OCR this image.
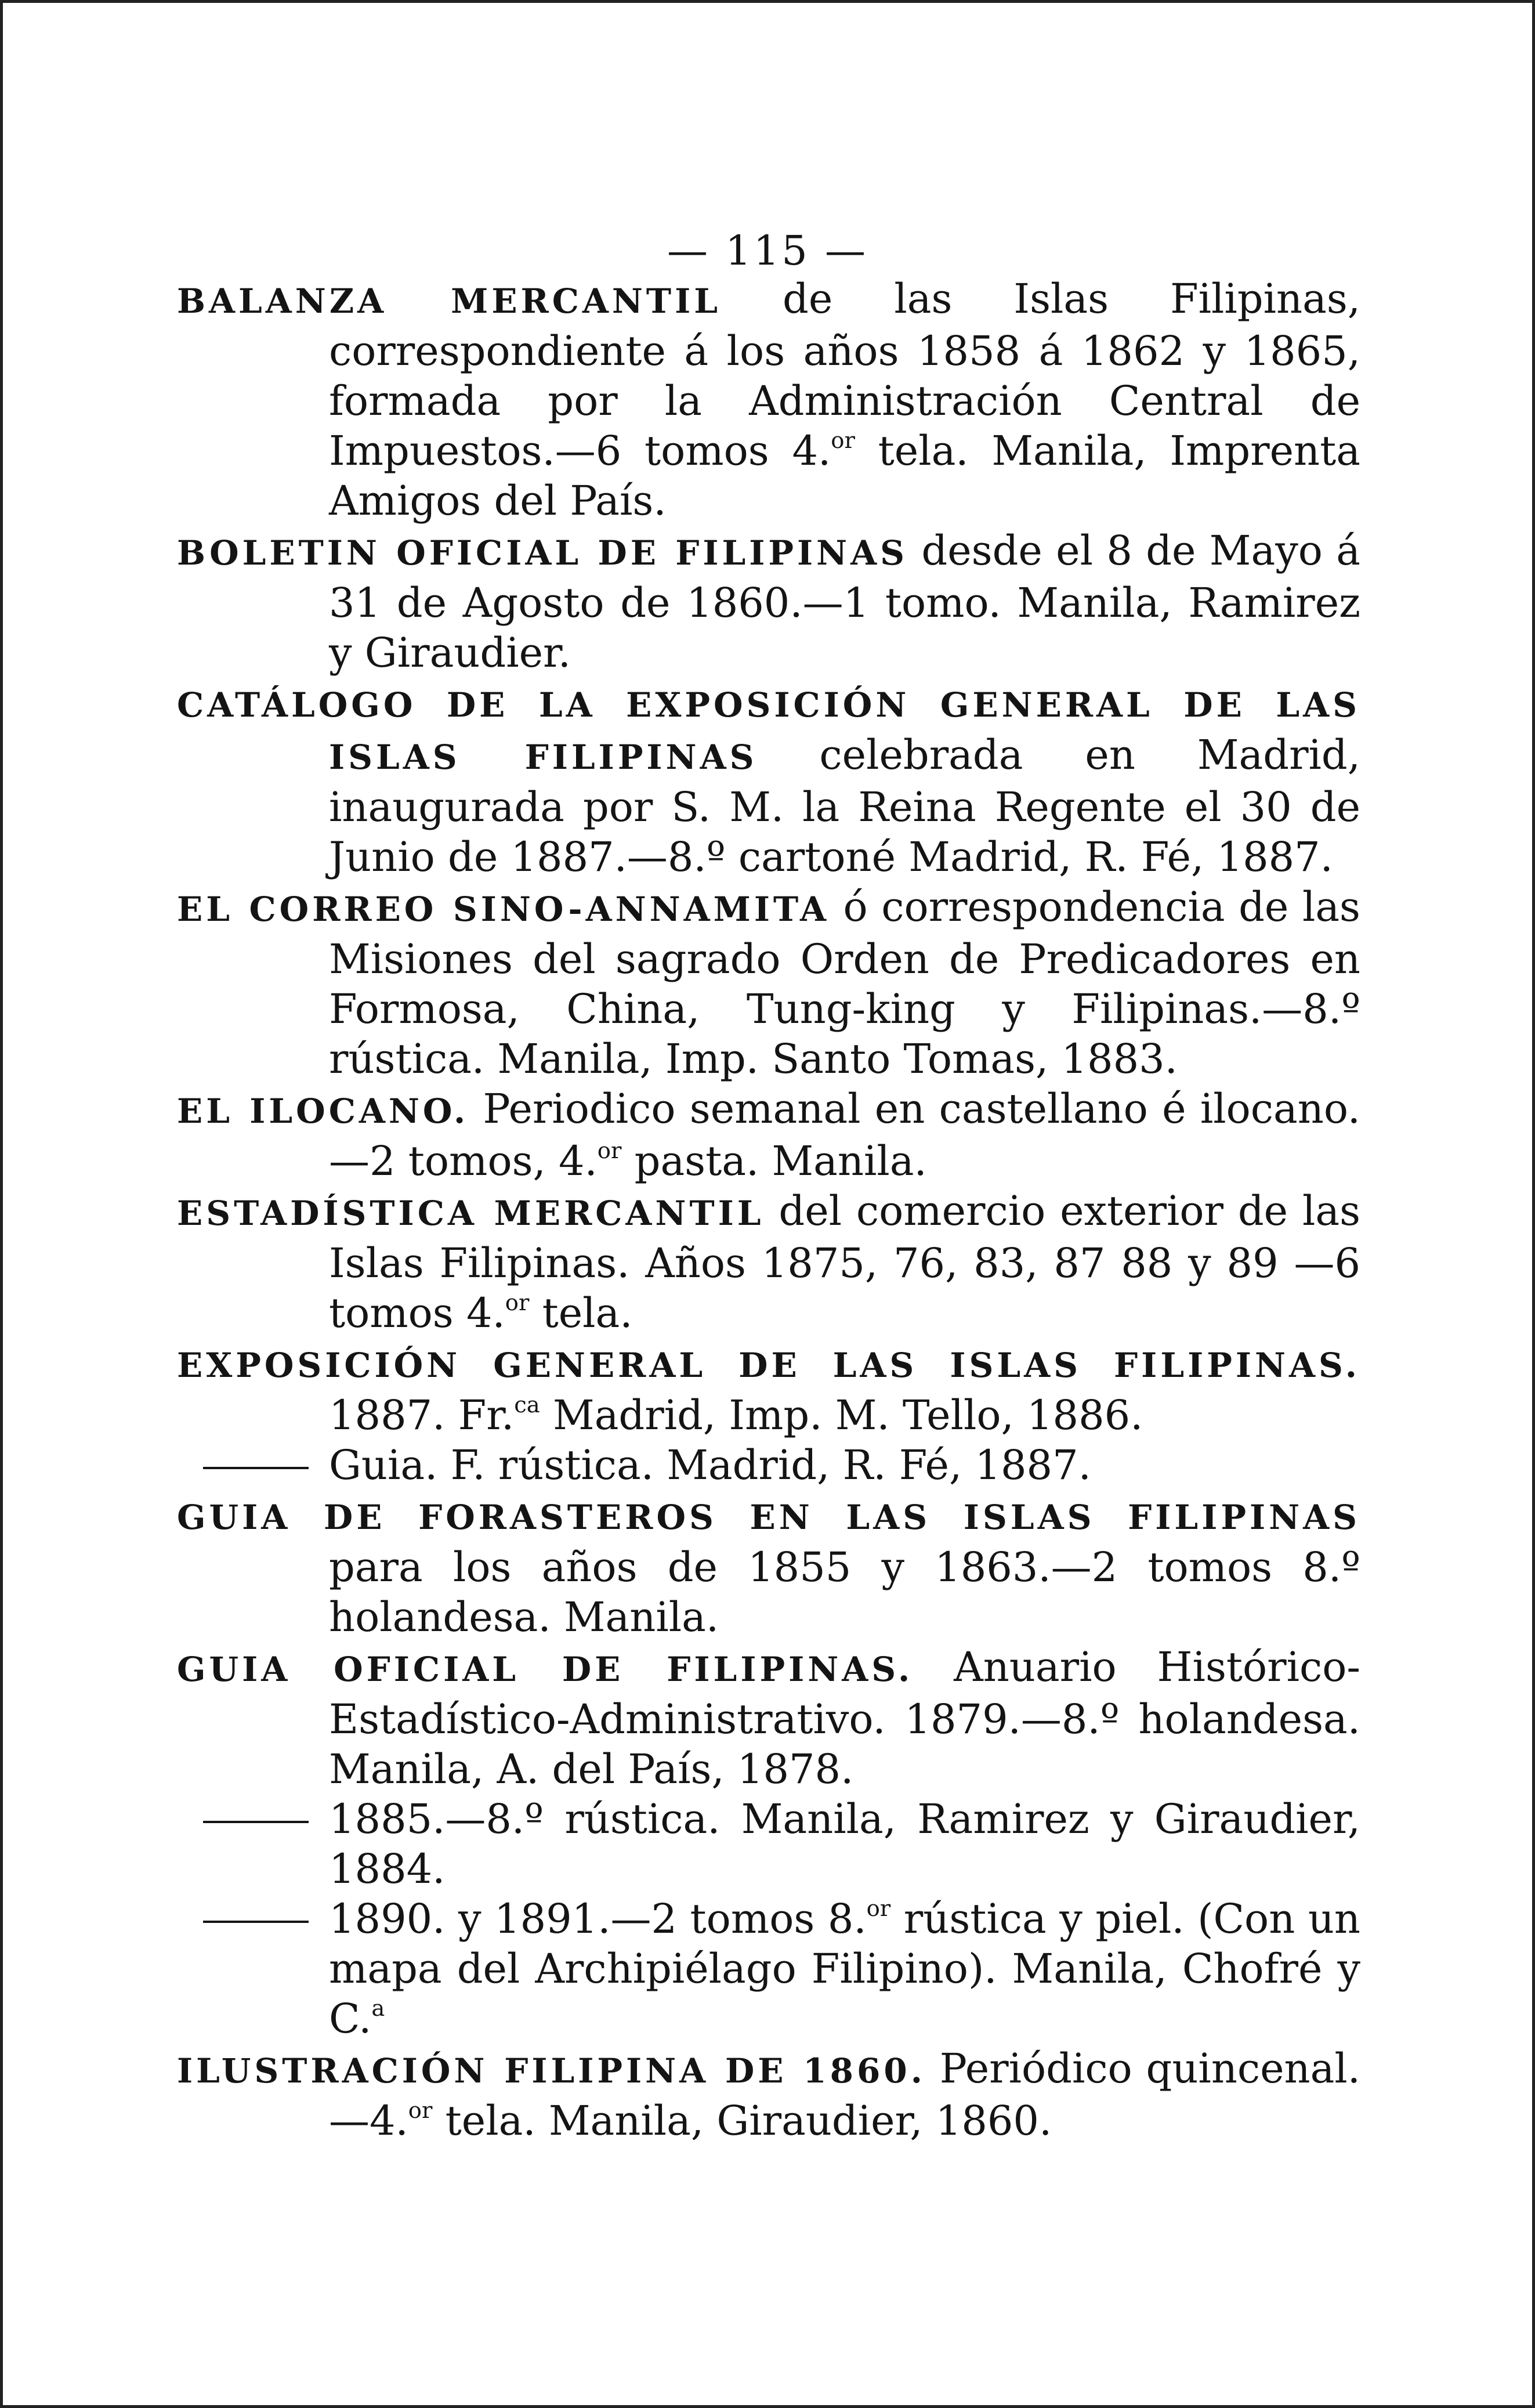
— 115 —

BALANZA MERCANTIL de las Islas Filipinas, correspondiente á los años 1858 á 1862 y 1865, formada por la Administración Central de Impuestos.—6 tomos 4.$^{or}$ tela. Manila, Imprenta Amigos del País.

BOLETIN OFICIAL DE FILIPINAS desde el 8 de Mayo á 31 de Agosto de 1860.—1 tomo. Manila, Ramirez y Giraudier.

CATÁLOGO DE LA EXPOSICIÓN GENERAL DE LAS ISLAS FILIPINAS celebrada en Madrid, inaugurada por S. M. la Reina Regente el 30 de Junio de 1887.—8.º cartoné Madrid, R. Fé, 1887.

EL CORREO SINO-ANNAMITA ó correspondencia de las Misiones del sagrado Orden de Predicadores en Formosa, China, Tung-king y Filipinas.—8.º rústica. Manila, Imp. Santo Tomas, 1883.

EL ILOCANO. Periodico semanal en castellano é ilocano.—2 tomos, 4.$^{or}$ pasta. Manila.

ESTADÍSTICA MERCANTIL del comercio exterior de las Islas Filipinas. Años 1875, 76, 83, 87 88 y 89 —6 tomos 4.$^{or}$ tela.

EXPOSICIÓN GENERAL DE LAS ISLAS FILIPINAS. 1887. Fr.$^{ca}$ Madrid, Imp. M. Tello, 1886.

Guia. F. rústica. Madrid, R. Fé, 1887.

GUIA DE FORASTEROS EN LAS ISLAS FILIPINAS para los años de 1855 y 1863.—2 tomos 8.º holandesa. Manila.

GUIA OFICIAL DE FILIPINAS. Anuario Histórico-Estadístico-Administrativo. 1879.—8.º holandesa. Manila, A. del País, 1878.

1885.—8.º rústica. Manila, Ramirez y Giraudier, 1884.

1890. y 1891.—2 tomos 8.$^{or}$ rústica y piel. (Con un mapa del Archipiélago Filipino). Manila, Chofré y C.$^a$

ILUSTRACIÓN FILIPINA DE 1860. Periódico quincenal.—4.$^{or}$ tela. Manila, Giraudier, 1860.
